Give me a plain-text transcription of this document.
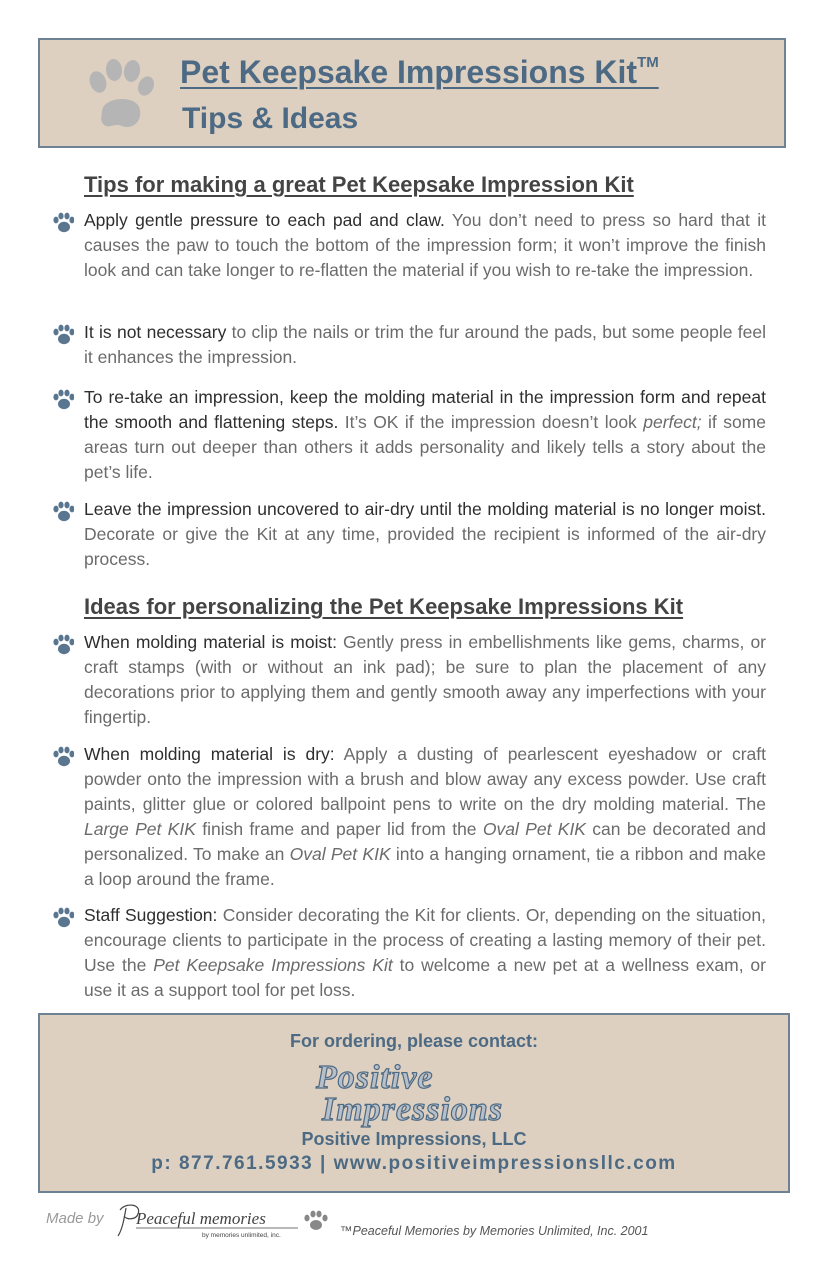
Pet Keepsake Impressions Kit™
Tips & Ideas
Tips for making a great Pet Keepsake Impression Kit
Apply gentle pressure to each pad and claw. You don’t need to press so hard that it causes the paw to touch the bottom of the impression form; it won’t improve the finish look and can take longer to re-flatten the material if you wish to re-take the impression.
It is not necessary to clip the nails or trim the fur around the pads, but some people feel it enhances the impression.
To re-take an impression, keep the molding material in the impression form and repeat the smooth and flattening steps. It’s OK if the impression doesn’t look perfect; if some areas turn out deeper than others it adds personality and likely tells a story about the pet’s life.
Leave the impression uncovered to air-dry until the molding material is no longer moist. Decorate or give the Kit at any time, provided the recipient is informed of the air-dry process.
Ideas for personalizing the Pet Keepsake Impressions Kit
When molding material is moist: Gently press in embellishments like gems, charms, or craft stamps (with or without an ink pad); be sure to plan the placement of any decorations prior to applying them and gently smooth away any imperfections with your fingertip.
When molding material is dry: Apply a dusting of pearlescent eyeshadow or craft powder onto the impression with a brush and blow away any excess powder. Use craft paints, glitter glue or colored ballpoint pens to write on the dry molding material. The Large Pet KIK finish frame and paper lid from the Oval Pet KIK can be decorated and personalized. To make an Oval Pet KIK into a hanging ornament, tie a ribbon and make a loop around the frame.
Staff Suggestion: Consider decorating the Kit for clients. Or, depending on the situation, encourage clients to participate in the process of creating a lasting memory of their pet. Use the Pet Keepsake Impressions Kit to welcome a new pet at a wellness exam, or use it as a support tool for pet loss.
For ordering, please contact:
Positive
Impressions
Positive Impressions, LLC
p: 877.761.5933 | www.positiveimpressionsllc.com
Made by Peaceful memories
by memories unlimited, inc.	™Peaceful Memories by Memories Unlimited, Inc. 2001
